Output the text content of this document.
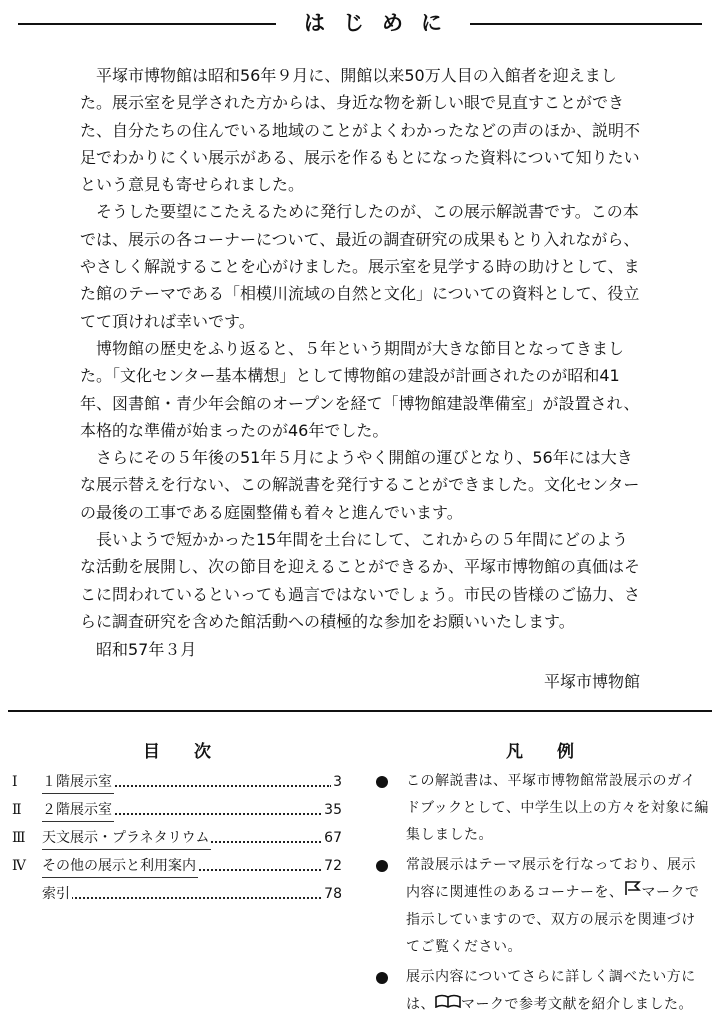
はじめに

平塚市博物館は昭和56年９月に、開館以来50万人目の入館者を迎えました。展示室を見学された方からは、身近な物を新しい眼で見直すことができた、自分たちの住んでいる地域のことがよくわかったなどの声のほか、説明不足でわかりにくい展示がある、展示を作るもとになった資料について知りたいという意見も寄せられました。

そうした要望にこたえるために発行したのが、この展示解説書です。この本では、展示の各コーナーについて、最近の調査研究の成果もとり入れながら、やさしく解説することを心がけました。展示室を見学する時の助けとして、また館のテーマである「相模川流域の自然と文化」についての資料として、役立てて頂ければ幸いです。

博物館の歴史をふり返ると、５年という期間が大きな節目となってきました。「文化センター基本構想」として博物館の建設が計画されたのが昭和41年、図書館・青少年会館のオープンを経て「博物館建設準備室」が設置され、本格的な準備が始まったのが46年でした。

さらにその５年後の51年５月にようやく開館の運びとなり、56年には大きな展示替えを行ない、この解説書を発行することができました。文化センターの最後の工事である庭園整備も着々と進んでいます。

長いようで短かかった15年間を土台にして、これからの５年間にどのような活動を展開し、次の節目を迎えることができるか、平塚市博物館の真価はそこに問われているといっても過言ではないでしょう。市民の皆様のご協力、さらに調査研究を含めた館活動への積極的な参加をお願いいたします。

昭和57年３月

平塚市博物館
目 次
Ⅰ	１階展示室	3
Ⅱ	２階展示室	35
Ⅲ	天文展示・プラネタリウム	67
Ⅳ	その他の展示と利用案内	72
索引	78
凡 例
この解説書は、平塚市博物館常設展示のガイドブックとして、中学生以上の方々を対象に編集しました。
常設展示はテーマ展示を行なっており、展示内容に関連性のあるコーナーを、 マークで指示していますので、双方の展示を関連づけてご覧ください。
展示内容についてさらに詳しく調べたい方には、 マークで参考文献を紹介しました。
